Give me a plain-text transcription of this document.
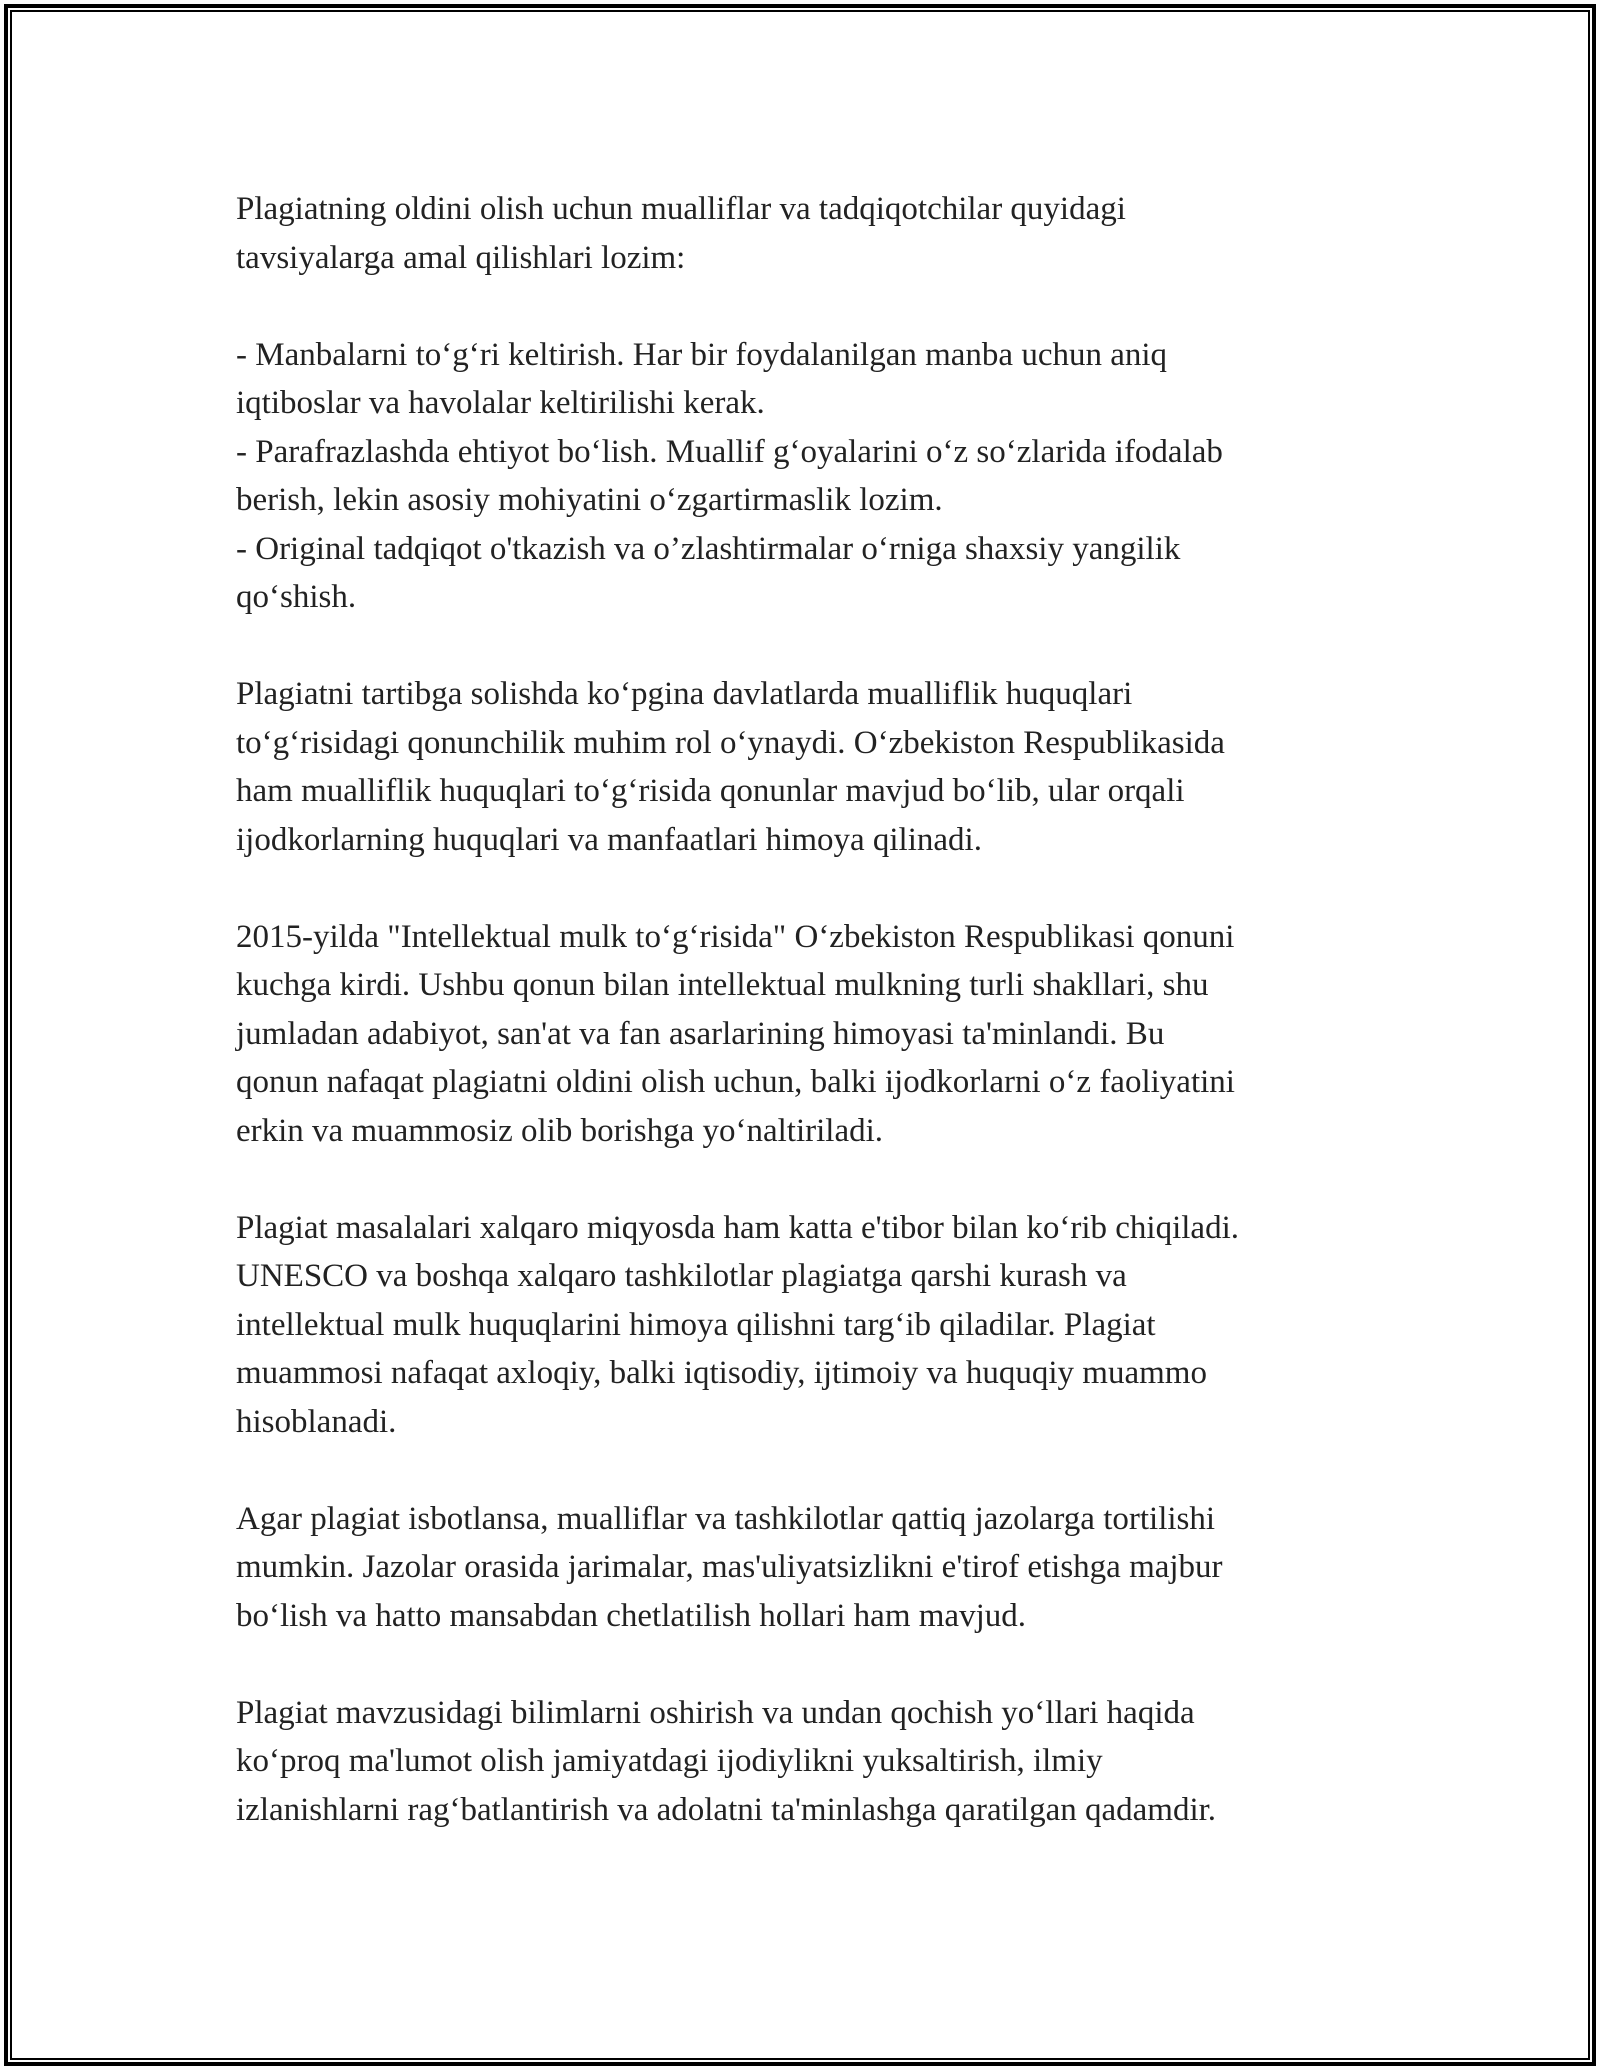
Plagiatning oldini olish uchun mualliflar va tadqiqotchilar quyidagi
tavsiyalarga amal qilishlari lozim:

- Manbalarni to‘g‘ri keltirish. Har bir foydalanilgan manba uchun aniq
iqtiboslar va havolalar keltirilishi kerak.
- Parafrazlashda ehtiyot bo‘lish. Muallif g‘oyalarini o‘z so‘zlarida ifodalab
berish, lekin asosiy mohiyatini o‘zgartirmaslik lozim.
- Original tadqiqot o'tkazish va o’zlashtirmalar o‘rniga shaxsiy yangilik
qo‘shish.

Plagiatni tartibga solishda ko‘pgina davlatlarda mualliflik huquqlari
to‘g‘risidagi qonunchilik muhim rol o‘ynaydi. O‘zbekiston Respublikasida
ham mualliflik huquqlari to‘g‘risida qonunlar mavjud bo‘lib, ular orqali
ijodkorlarning huquqlari va manfaatlari himoya qilinadi.

2015-yilda "Intellektual mulk to‘g‘risida" O‘zbekiston Respublikasi qonuni
kuchga kirdi. Ushbu qonun bilan intellektual mulkning turli shakllari, shu
jumladan adabiyot, san'at va fan asarlarining himoyasi ta'minlandi. Bu
qonun nafaqat plagiatni oldini olish uchun, balki ijodkorlarni o‘z faoliyatini
erkin va muammosiz olib borishga yo‘naltiriladi.

Plagiat masalalari xalqaro miqyosda ham katta e'tibor bilan ko‘rib chiqiladi.
UNESCO va boshqa xalqaro tashkilotlar plagiatga qarshi kurash va
intellektual mulk huquqlarini himoya qilishni targ‘ib qiladilar. Plagiat
muammosi nafaqat axloqiy, balki iqtisodiy, ijtimoiy va huquqiy muammo
hisoblanadi.

Agar plagiat isbotlansa, mualliflar va tashkilotlar qattiq jazolarga tortilishi
mumkin. Jazolar orasida jarimalar, mas'uliyatsizlikni e'tirof etishga majbur
bo‘lish va hatto mansabdan chetlatilish hollari ham mavjud.

Plagiat mavzusidagi bilimlarni oshirish va undan qochish yo‘llari haqida
ko‘proq ma'lumot olish jamiyatdagi ijodiylikni yuksaltirish, ilmiy
izlanishlarni rag‘batlantirish va adolatni ta'minlashga qaratilgan qadamdir.
